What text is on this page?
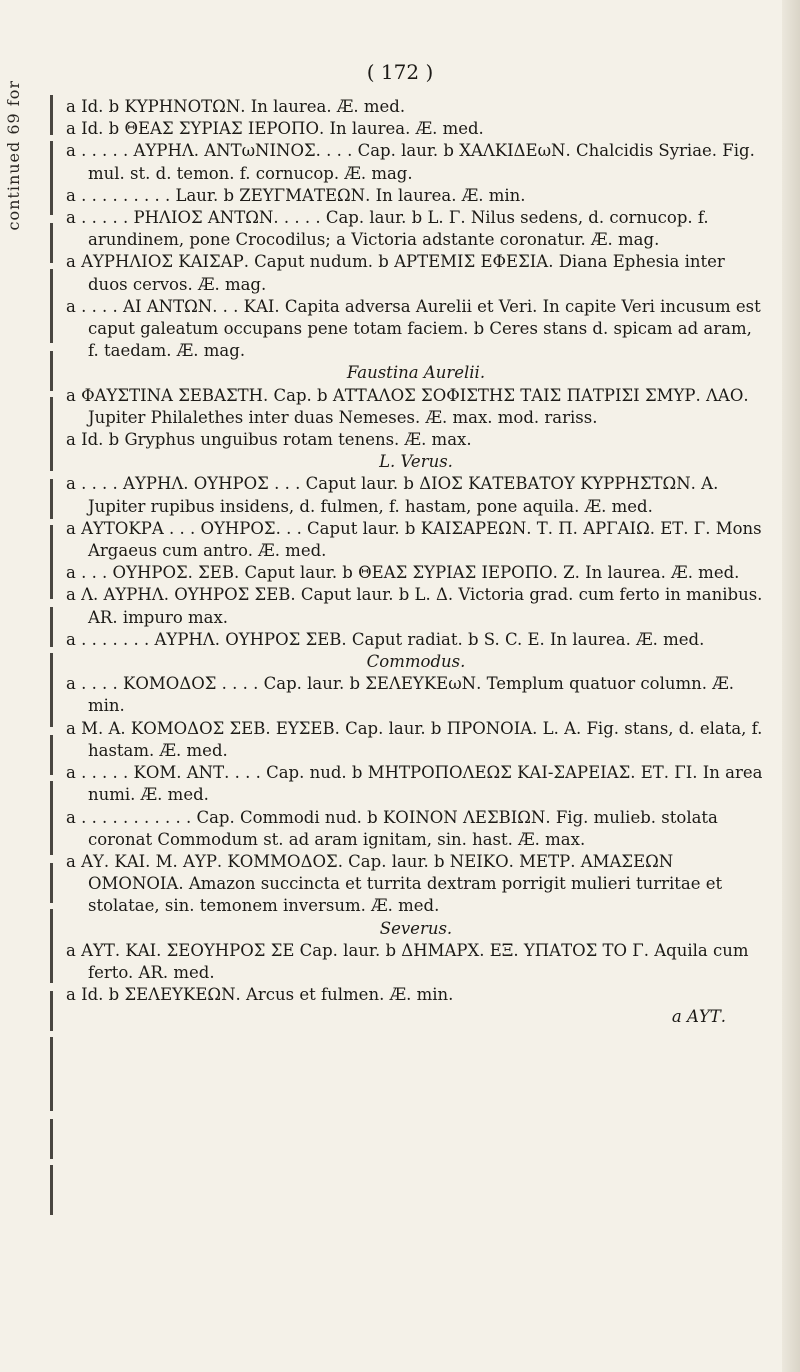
continued 69 for
( 172 )

a Id. b ΚΥΡΗΝΟΤΩΝ. In laurea. Æ. med.

a Id. b ΘΕΑΣ ΣΥΡΙΑΣ ΙΕΡΟΠΟ. In laurea. Æ. med.

a . . . . . ΑΥΡΗΛ. ΑΝΤωΝΙΝΟΣ. . . . Cap. laur. b ΧΑΛΚΙΔΕωΝ. Chalcidis Syriae. Fig. mul. st. d. temon. f. cornucop. Æ. mag.

a . . . . . . . . . Laur. b ΖΕΥΓΜΑΤΕΩΝ. In laurea. Æ. min.

a . . . . . ΡΗΛΙΟΣ ΑΝΤΩΝ. . . . . Cap. laur. b L. Γ. Nilus sedens, d. cornucop. f. arundinem, pone Crocodilus; a Victoria adstante coronatur. Æ. mag.

a ΑΥΡΗΛΙΟΣ ΚΑΙΣΑΡ. Caput nudum. b ΑΡΤΕΜΙΣ ΕΦΕΣΙΑ. Diana Ephesia inter duos cervos. Æ. mag.

a . . . . ΑΙ ΑΝΤΩΝ. . . ΚΑΙ. Capita adversa Aurelii et Veri. In capite Veri incusum est caput galeatum occupans pene totam faciem. b Ceres stans d. spicam ad aram, f. taedam. Æ. mag.

Faustina Aurelii.

a ΦΑΥΣΤΙΝΑ ΣΕΒΑΣΤΗ. Cap. b ΑΤΤΑΛΟΣ ΣΟΦΙΣΤΗΣ ΤΑΙΣ ΠΑΤΡΙΣΙ ΣΜΥΡ. ΛΑΟ. Jupiter Philalethes inter duas Nemeses. Æ. max. mod. rariss.

a Id. b Gryphus unguibus rotam tenens. Æ. max.

L. Verus.

a . . . . ΑΥΡΗΛ. ΟΥΗΡΟΣ . . . Caput laur. b ΔΙΟΣ ΚΑΤΕΒΑΤΟΥ ΚΥΡΡΗΣΤΩΝ. A. Jupiter rupibus insidens, d. fulmen, f. hastam, pone aquila. Æ. med.

a ΑΥΤΟΚΡΑ . . . ΟΥΗΡΟΣ. . . Caput laur. b ΚΑΙΣΑΡΕΩΝ. Τ. Π. ΑΡΓΑΙΩ. ΕΤ. Γ. Mons Argaeus cum antro. Æ. med.

a . . . ΟΥΗΡΟΣ. ΣΕΒ. Caput laur. b ΘΕΑΣ ΣΥΡΙΑΣ ΙΕΡΟΠΟ. Ζ. In laurea. Æ. med.

a Λ. ΑΥΡΗΛ. ΟΥΗΡΟΣ ΣΕΒ. Caput laur. b L. Δ. Victoria grad. cum ferto in manibus. AR. impuro max.

a . . . . . . . ΑΥΡΗΛ. ΟΥΗΡΟΣ ΣΕΒ. Caput radiat. b S. C. E. In laurea. Æ. med.

Commodus.

a . . . . ΚΟΜΟΔΟΣ . . . . Cap. laur. b ΣΕΛΕΥΚΕωΝ. Templum quatuor column. Æ. min.

a Μ. Α. ΚΟΜΟΔΟΣ ΣΕΒ. ΕΥΣΕΒ. Cap. laur. b ΠΡΟΝΟΙΑ. L. Α. Fig. stans, d. elata, f. hastam. Æ. med.

a . . . . . ΚΟΜ. ΑΝΤ. . . . Cap. nud. b ΜΗΤΡΟΠΟΛΕΩΣ ΚΑΙ-ΣΑΡΕΙΑΣ. ΕΤ. ΓΙ. In area numi. Æ. med.

a . . . . . . . . . . . Cap. Commodi nud. b ΚΟΙΝΟΝ ΛΕΣΒΙΩΝ. Fig. mulieb. stolata coronat Commodum st. ad aram ignitam, sin. hast. Æ. max.

a ΑΥ. ΚΑΙ. Μ. ΑΥΡ. ΚΟΜΜΟΔΟΣ. Cap. laur. b ΝΕΙΚΟ. ΜΕΤΡ. ΑΜΑΣΕΩΝ ΟΜΟΝΟΙΑ. Amazon succincta et turrita dextram porrigit mulieri turritae et stolatae, sin. temonem inversum. Æ. med.

Severus.

a ΑΥΤ. ΚΑΙ. ΣΕΟΥΗΡΟΣ ΣΕ Cap. laur. b ΔΗΜΑΡΧ. ΕΞ. ΥΠΑΤΟΣ ΤΟ Γ. Aquila cum ferto. AR. med.

a Id. b ΣΕΛΕΥΚΕΩΝ. Arcus et fulmen. Æ. min.

a ΑΥΤ.
